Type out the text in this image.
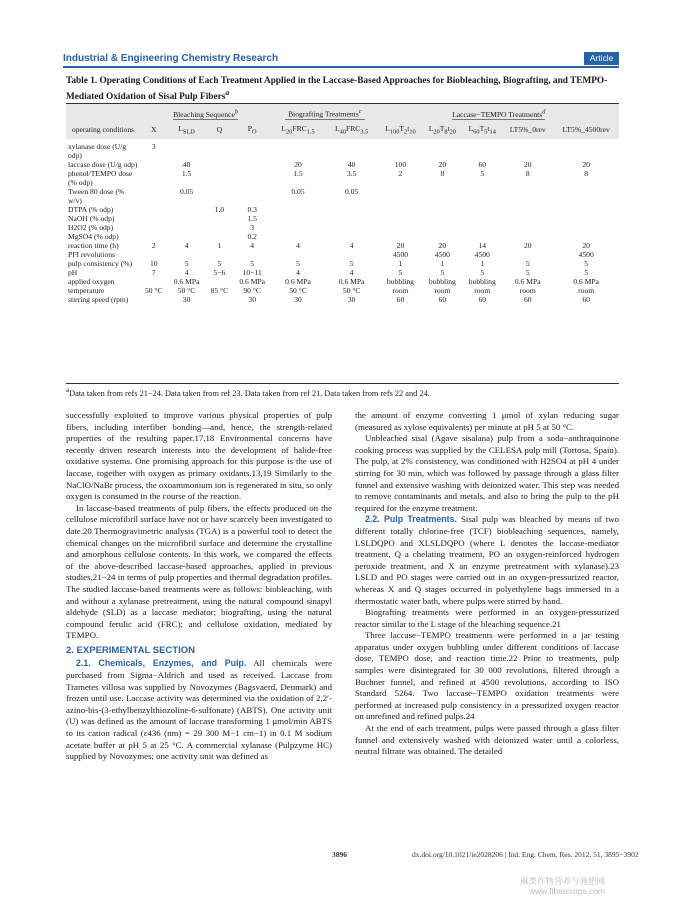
Industrial & Engineering Chemistry Research	Article
Table 1. Operating Conditions of Each Treatment Applied in the Laccase-Based Approaches for Biobleaching, Biografting, and TEMPO-Mediated Oxidation of Sisal Pulp Fibers$^a$
	Bleaching Sequence$^b$				Biografting Treatments$^c$		Laccase−TEMPO Treatments$^d$
operating conditions	X	$L_{SLD}$	Q	$P_O$	$L_{20}FRC_{1.5}$	$L_{40}FRC_{3.5}$	$L_{100}T_2t_{10}$	$L_{20}T_8t_{20}$	$L_{60}T_5t_{14}$	LT5%_0rev	LT5%_4500rev
xylanase dose (U/g odp)	3										
laccase dose (U/g odp)		40			20	40	100	20	60	20	20
phenol/TEMPO dose (% odp)		1.5			1.5	3.5	2	8	5	8	8
Tween 80 dose (% w/v)		0.05			0.05	0.05					
DTPA (% odp)			1.0	0.3							
NaOH (% odp)				1.5							
H2O2 (% odp)				3							
MgSO4 (% odp)				0.2							
reaction time (h)	2	4	1	4	4	4	20	20	14	20	20
PFI revolutions							4500	4500	4500		4500
pulp consistency (%)	10	5	5	5	5	5	1	1	1	5	5
pH	7	4	5−6	10−11	4	4	5	5	5	5	5
applied oxygen		0.6 MPa		0.6 MPa	0.6 MPa	0.6 MPa	bubbling	bubbling	bubbling	0.6 MPa	0.6 MPa
temperature	50 °C	50 °C	85 °C	90 °C	50 °C	50 °C	room	room	room	room	room
stirring speed (rpm)		30		30	30	30	60	60	60	60	60
$^a$Data taken from refs 21−24. Data taken from ref 23. Data taken from ref 21. Data taken from refs 22 and 24.

successfully exploited to improve various physical properties of pulp fibers, including interfiber bonding—and, hence, the strength-related properties of the resulting paper.17,18 Environmental concerns have recently driven research interests into the development of halide-free oxidative systems. One promising approach for this purpose is the use of laccase, together with oxygen as primary oxidants.13,19 Similarly to the NaClO/NaBr process, the oxoammonium ion is regenerated in situ, so only oxygen is consumed in the course of the reaction.

In laccase-based treatments of pulp fibers, the effects produced on the cellulose microfibril surface have not or have scarcely been investigated to date.20 Thermogravimetric analysis (TGA) is a powerful tool to detect the chemical changes on the microfibril surface and determine the crystalline and amorphous cellulose contents. In this work, we compared the effects of the above-described laccase-based approaches, applied in previous studies,21−24 in terms of pulp properties and thermal degradation profiles. The studied laccase-based treatments were as follows: biobleaching, with and without a xylanase pretreatment, using the natural compound sinapyl aldehyde (SLD) as a laccase mediator; biografting, using the natural compound ferulic acid (FRC); and cellulose oxidation, mediated by TEMPO.

2. EXPERIMENTAL SECTION

2.1. Chemicals, Enzymes, and Pulp. All chemicals were purchased from Sigma−Aldrich and used as received. Laccase from Trametes villosa was supplied by Novozymes (Bagsvaerd, Denmark) and frozen until use. Laccase activity was determined via the oxidation of 2,2′-azino-bis-(3-ethylbenzylthiozoline-6-sulfonate) (ABTS). One activity unit (U) was defined as the amount of laccase transforming 1 μmol/min ABTS to its cation radical (ε436 (nm) = 29 300 M−1 cm−1) in 0.1 M sodium acetate buffer at pH 5 at 25 °C. A commercial xylanase (Pulpzyme HC) supplied by Novozymes; one activity unit was defined as

the amount of enzyme converting 1 μmol of xylan reducing sugar (measured as xylose equivalents) per minute at pH 5 at 50 °C.

Unbleached sisal (Agave sisalana) pulp from a soda−anthraquinone cooking process was supplied by the CELESA pulp mill (Tortosa, Spain). The pulp, at 2% consistency, was conditioned with H2SO4 at pH 4 under stirring for 30 min, which was followed by passage through a glass filter funnel and extensive washing with deionized water. This step was needed to remove contaminants and metals, and also to bring the pulp to the pH required for the enzyme treatment.

2.2. Pulp Treatments. Sisal pulp was bleached by means of two different totally chlorine-free (TCF) biobleaching sequences, namely, LSLDQPO and XLSLDQPO (where L denotes the laccase-mediator treatment, Q a chelating treatment, PO an oxygen-reinforced hydrogen peroxide treatment, and X an enzyme pretreatment with xylanase).23 LSLD and PO stages were carried out in an oxygen-pressurized reactor, whereas X and Q stages occurred in polyethylene bags immersed in a thermostatic water bath, where pulps were stirred by hand.

Biografting treatments were performed in an oxygen-pressurized reactor similar to the L stage of the bleaching sequence.21

Three laccase−TEMPO treatments were performed in a jar testing apparatus under oxygen bubbling under different conditions of laccase dose, TEMPO dose, and reaction time.22 Prior to treatments, pulp samples were disintegrated for 30 000 revolutions, filtered through a Buchner funnel, and refined at 4500 revolutions, according to ISO Standard 5264. Two laccase−TEMPO oxidation treatments were performed at increased pulp consistency in a pressurized oxygen reactor on unrefined and refined pulps.24

At the end of each treatment, pulps were passed through a glass filter funnel and extensively washed with deionized water until a colorless, neutral filtrate was obtained. The detailed

3896	dx.doi.org/10.1021/ie2028206 | Ind. Eng. Chem. Res. 2012, 51, 3895−3902
麻类作物营养与施肥网
www.fibercrops.com
